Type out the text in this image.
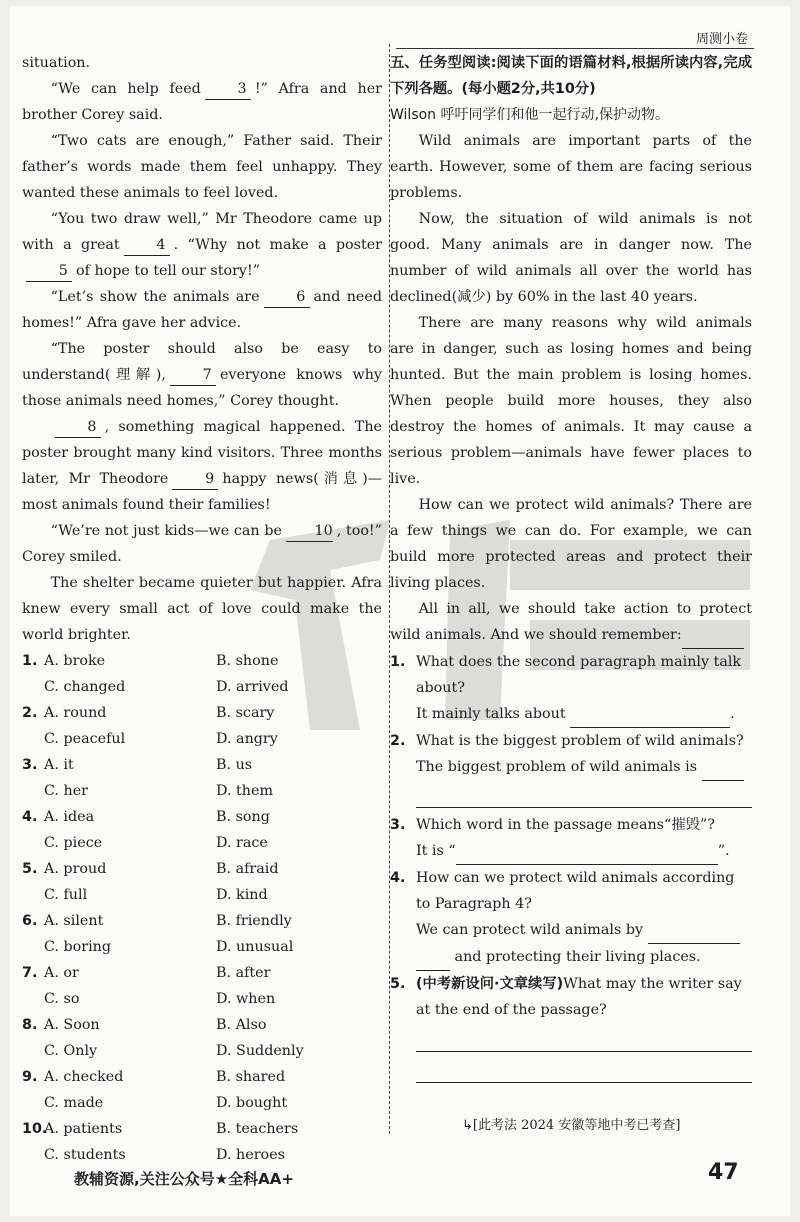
周测小卷

situation.

“We can help feed	3 !” Afra and her brother Corey said.

“Two cats are enough,” Father said. Their father’s words made them feel unhappy. They wanted these animals to feel loved.

“You two draw well,” Mr Theodore came up with a great	4 . “Why not make a poster 5 of hope to tell our story!”

“Let’s show the animals are	6 and need homes!” Afra gave her advice.

“The poster should also be easy to understand(理解),	7 everyone knows why those animals need homes,” Corey thought.

8 , something magical happened. The poster brought many kind visitors. Three months later, Mr Theodore	9 happy news(消息)— most animals found their families!

“We’re not just kids—we can be 10 , too!” Corey smiled.

The shelter became quieter but happier. Afra knew every small act of love could make the world brighter.

1. A. broke	B. shone
C. changed	D. arrived
2. A. round	B. scary
C. peaceful	D. angry
3. A. it	B. us
C. her	D. them
4. A. idea	B. song
C. piece	D. race
5. A. proud	B. afraid
C. full	D. kind
6. A. silent	B. friendly
C. boring	D. unusual
7. A. or	B. after
C. so	D. when
8. A. Soon	B. Also
C. Only	D. Suddenly
9. A. checked	B. shared
C. made	D. bought
10.
A. patients	B. teachers
C. students	D. heroes

五、任务型阅读:阅读下面的语篇材料,根据所读内容,完成下列各题。(每小题2分,共10分)

Wilson 呼吁同学们和他一起行动,保护动物。

Wild animals are important parts of the earth. However, some of them are facing serious problems.

Now, the situation of wild animals is not good. Many animals are in danger now. The number of wild animals all over the world has declined(减少) by 60% in the last 40 years.

There are many reasons why wild animals are in danger, such as losing homes and being hunted. But the main problem is losing homes. When people build more houses, they also destroy the homes of animals. It may cause a serious problem—animals have fewer places to live.

How can we protect wild animals? There are a few things we can do. For example, we can build more protected areas and protect their living places.

All in all, we should take action to protect wild animals. And we should remember:

1. What does the second paragraph mainly talk about?
It mainly talks about	.
2. What is the biggest problem of wild animals?
The biggest problem of wild animals is
3. Which word in the passage means“摧毁”?
It is “	”.
4. How can we protect wild animals according to Paragraph 4?
We can protect wild animals by
and protecting their living places.
5. (中考新设问·文章续写)What may the writer say at the end of the passage?
↳[此考法 2024 安徽等地中考已考查]
教辅资源,关注公众号★全科AA+	47
